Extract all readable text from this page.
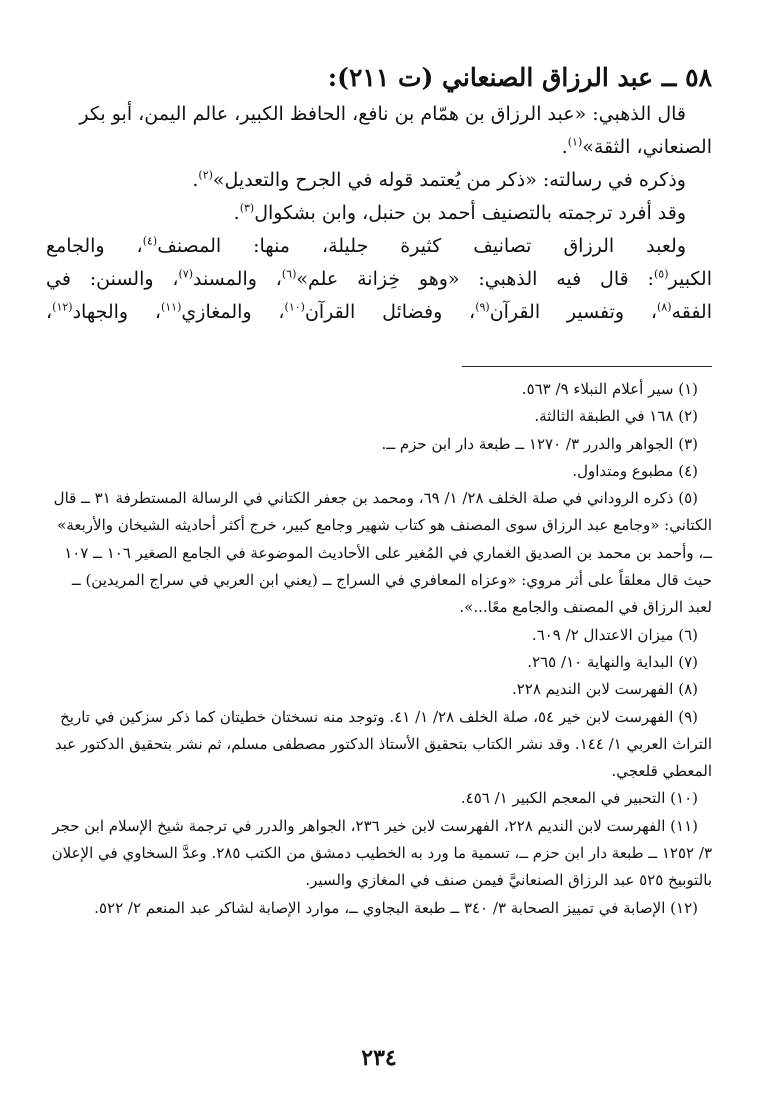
٥٨ ــ عبد الرزاق الصنعاني (ت ٢١١):

قال الذهبي: «عبد الرزاق بن همّام بن نافع، الحافظ الكبير، عالم اليمن، أبو بكر الصنعاني، الثقة»$^{(١)}$.

وذكره في رسالته: «ذكر من يُعتمد قوله في الجرح والتعديل»$^{(٢)}$.

وقد أفرد ترجمته بالتصنيف أحمد بن حنبل، وابن بشكوال$^{(٣)}$.

ولعبد الرزاق تصانيف كثيرة جليلة، منها: المصنف$^{(٤)}$، والجامع

الكبير$^{(٥)}$: قال فيه الذهبي: «وهو خِزانة علم»$^{(٦)}$، والمسند$^{(٧)}$، والسنن: في

الفقه$^{(٨)}$، وتفسير القرآن$^{(٩)}$، وفضائل القرآن$^{(١٠)}$، والمغازي$^{(١١)}$، والجهاد$^{(١٢)}$،

(١) سير أعلام النبلاء ٩/ ٥٦٣.

(٢) ١٦٨ في الطبقة الثالثة.

(٣) الجواهر والدرر ٣/ ١٢٧٠ ــ طبعة دار ابن حزم ــ.

(٤) مطبوع ومتداول.

(٥) ذكره الروداني في صلة الخلف ٢٨/ ١/ ٦٩، ومحمد بن جعفر الكتاني في الرسالة المستطرفة ٣١ ــ قال الكتاني: «وجامع عبد الرزاق سوى المصنف هو كتاب شهير وجامع كبير، خرج أكثر أحاديثه الشيخان والأربعة» ــ، وأحمد بن محمد بن الصديق الغماري في المُغير على الأحاديث الموضوعة في الجامع الصغير ١٠٦ ــ ١٠٧ حيث قال معلقاً على أثر مروي: «وعزاه المعافري في السراج ــ (يعني ابن العربي في سراج المريدين) ــ لعبد الرزاق في المصنف والجامع معًا...».

(٦) ميزان الاعتدال ٢/ ٦٠٩.

(٧) البداية والنهاية ١٠/ ٢٦٥.

(٨) الفهرست لابن النديم ٢٢٨.

(٩) الفهرست لابن خير ٥٤، صلة الخلف ٢٨/ ١/ ٤١. وتوجد منه نسختان خطيتان كما ذكر سزكين في تاريخ التراث العربي ١/ ١٤٤. وقد نشر الكتاب بتحقيق الأستاذ الدكتور مصطفى مسلم، ثم نشر بتحقيق الدكتور عبد المعطي قلعجي.

(١٠) التحبير في المعجم الكبير ١/ ٤٥٦.

(١١) الفهرست لابن النديم ٢٢٨، الفهرست لابن خير ٢٣٦، الجواهر والدرر في ترجمة شيخ الإسلام ابن حجر ٣/ ١٢٥٢ ــ طبعة دار ابن حزم ــ، تسمية ما ورد به الخطيب دمشق من الكتب ٢٨٥. وعدَّ السخاوي في الإعلان بالتوبيخ ٥٢٥ عبد الرزاق الصنعانيَّ فيمن صنف في المغازي والسير.

(١٢) الإصابة في تمييز الصحابة ٣/ ٣٤٠ ــ طبعة البجاوي ــ، موارد الإصابة لشاكر عبد المنعم ٢/ ٥٢٢.

٢٣٤
